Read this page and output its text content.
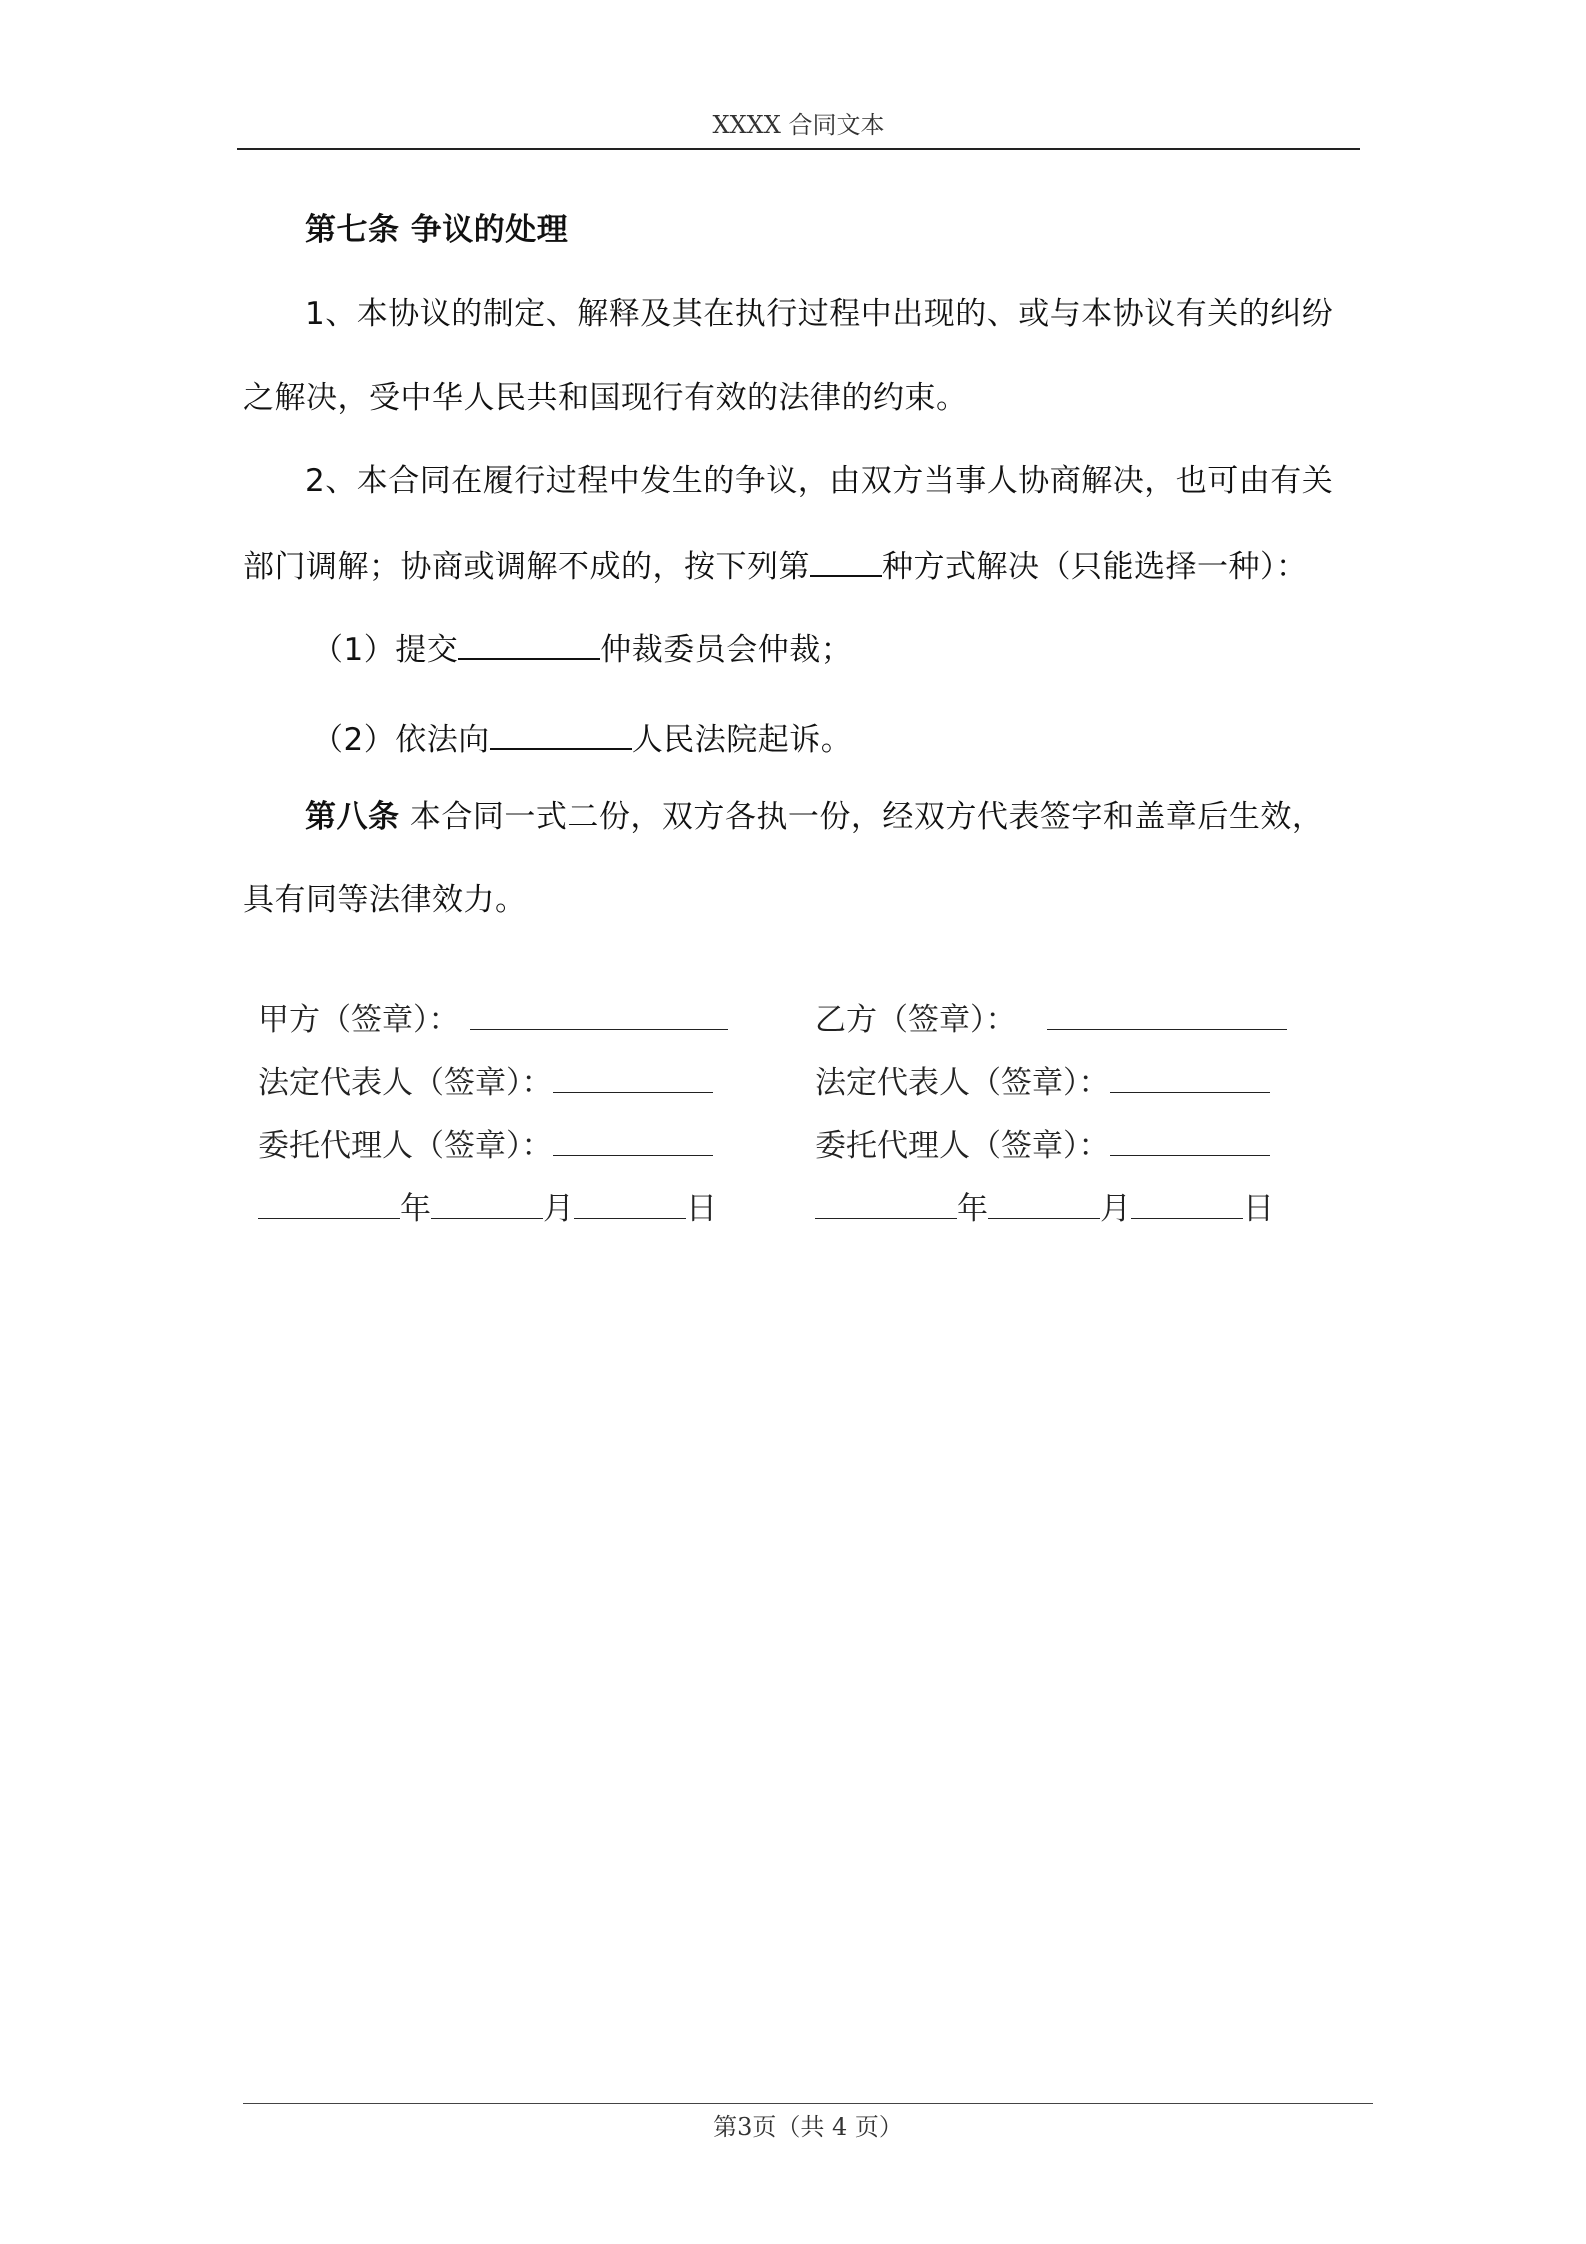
XXXX 合同文本
第七条 争议的处理
1、本协议的制定、解释及其在执行过程中出现的、或与本协议有关的纠纷
之解决，受中华人民共和国现行有效的法律的约束。
2、本合同在履行过程中发生的争议，由双方当事人协商解决，也可由有关
部门调解；协商或调解不成的，按下列第 种方式解决（只能选择一种）：
（1）提交	仲裁委员会仲裁；
（2）依法向	人民法院起诉。
第八条 本合同一式二份，双方各执一份，经双方代表签字和盖章后生效，
具有同等法律效力。
甲方（签章）：	乙方（签章）：
法定代表人（签章）：	法定代表人（签章）：
委托代理人（签章）：	委托代理人（签章）：
年	月	日	年	月	日
第3页（共 4 页）
